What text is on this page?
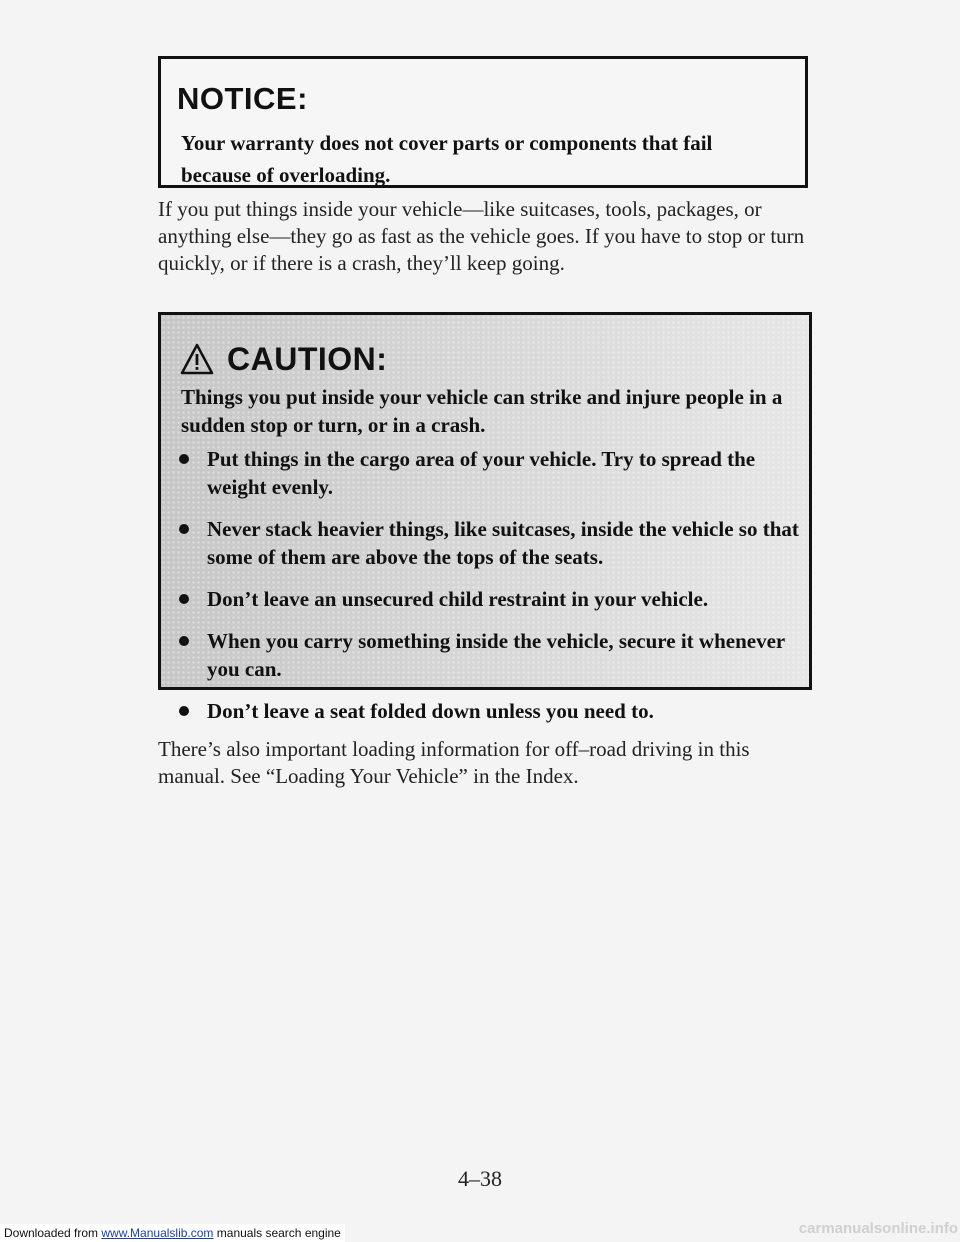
NOTICE:
Your warranty does not cover parts or components that fail because of overloading.
If you put things inside your vehicle—like suitcases, tools, packages, or anything else—they go as fast as the vehicle goes. If you have to stop or turn quickly, or if there is a crash, they’ll keep going.
CAUTION:
Things you put inside your vehicle can strike and injure people in a sudden stop or turn, or in a crash.
Put things in the cargo area of your vehicle. Try to spread the weight evenly.
Never stack heavier things, like suitcases, inside the vehicle so that some of them are above the tops of the seats.
Don’t leave an unsecured child restraint in your vehicle.
When you carry something inside the vehicle, secure it whenever you can.
Don’t leave a seat folded down unless you need to.
There’s also important loading information for off–road driving in this manual. See “Loading Your Vehicle” in the Index.
4–38
Downloaded from www.Manualslib.com manuals search engine	carmanualsonline.info
